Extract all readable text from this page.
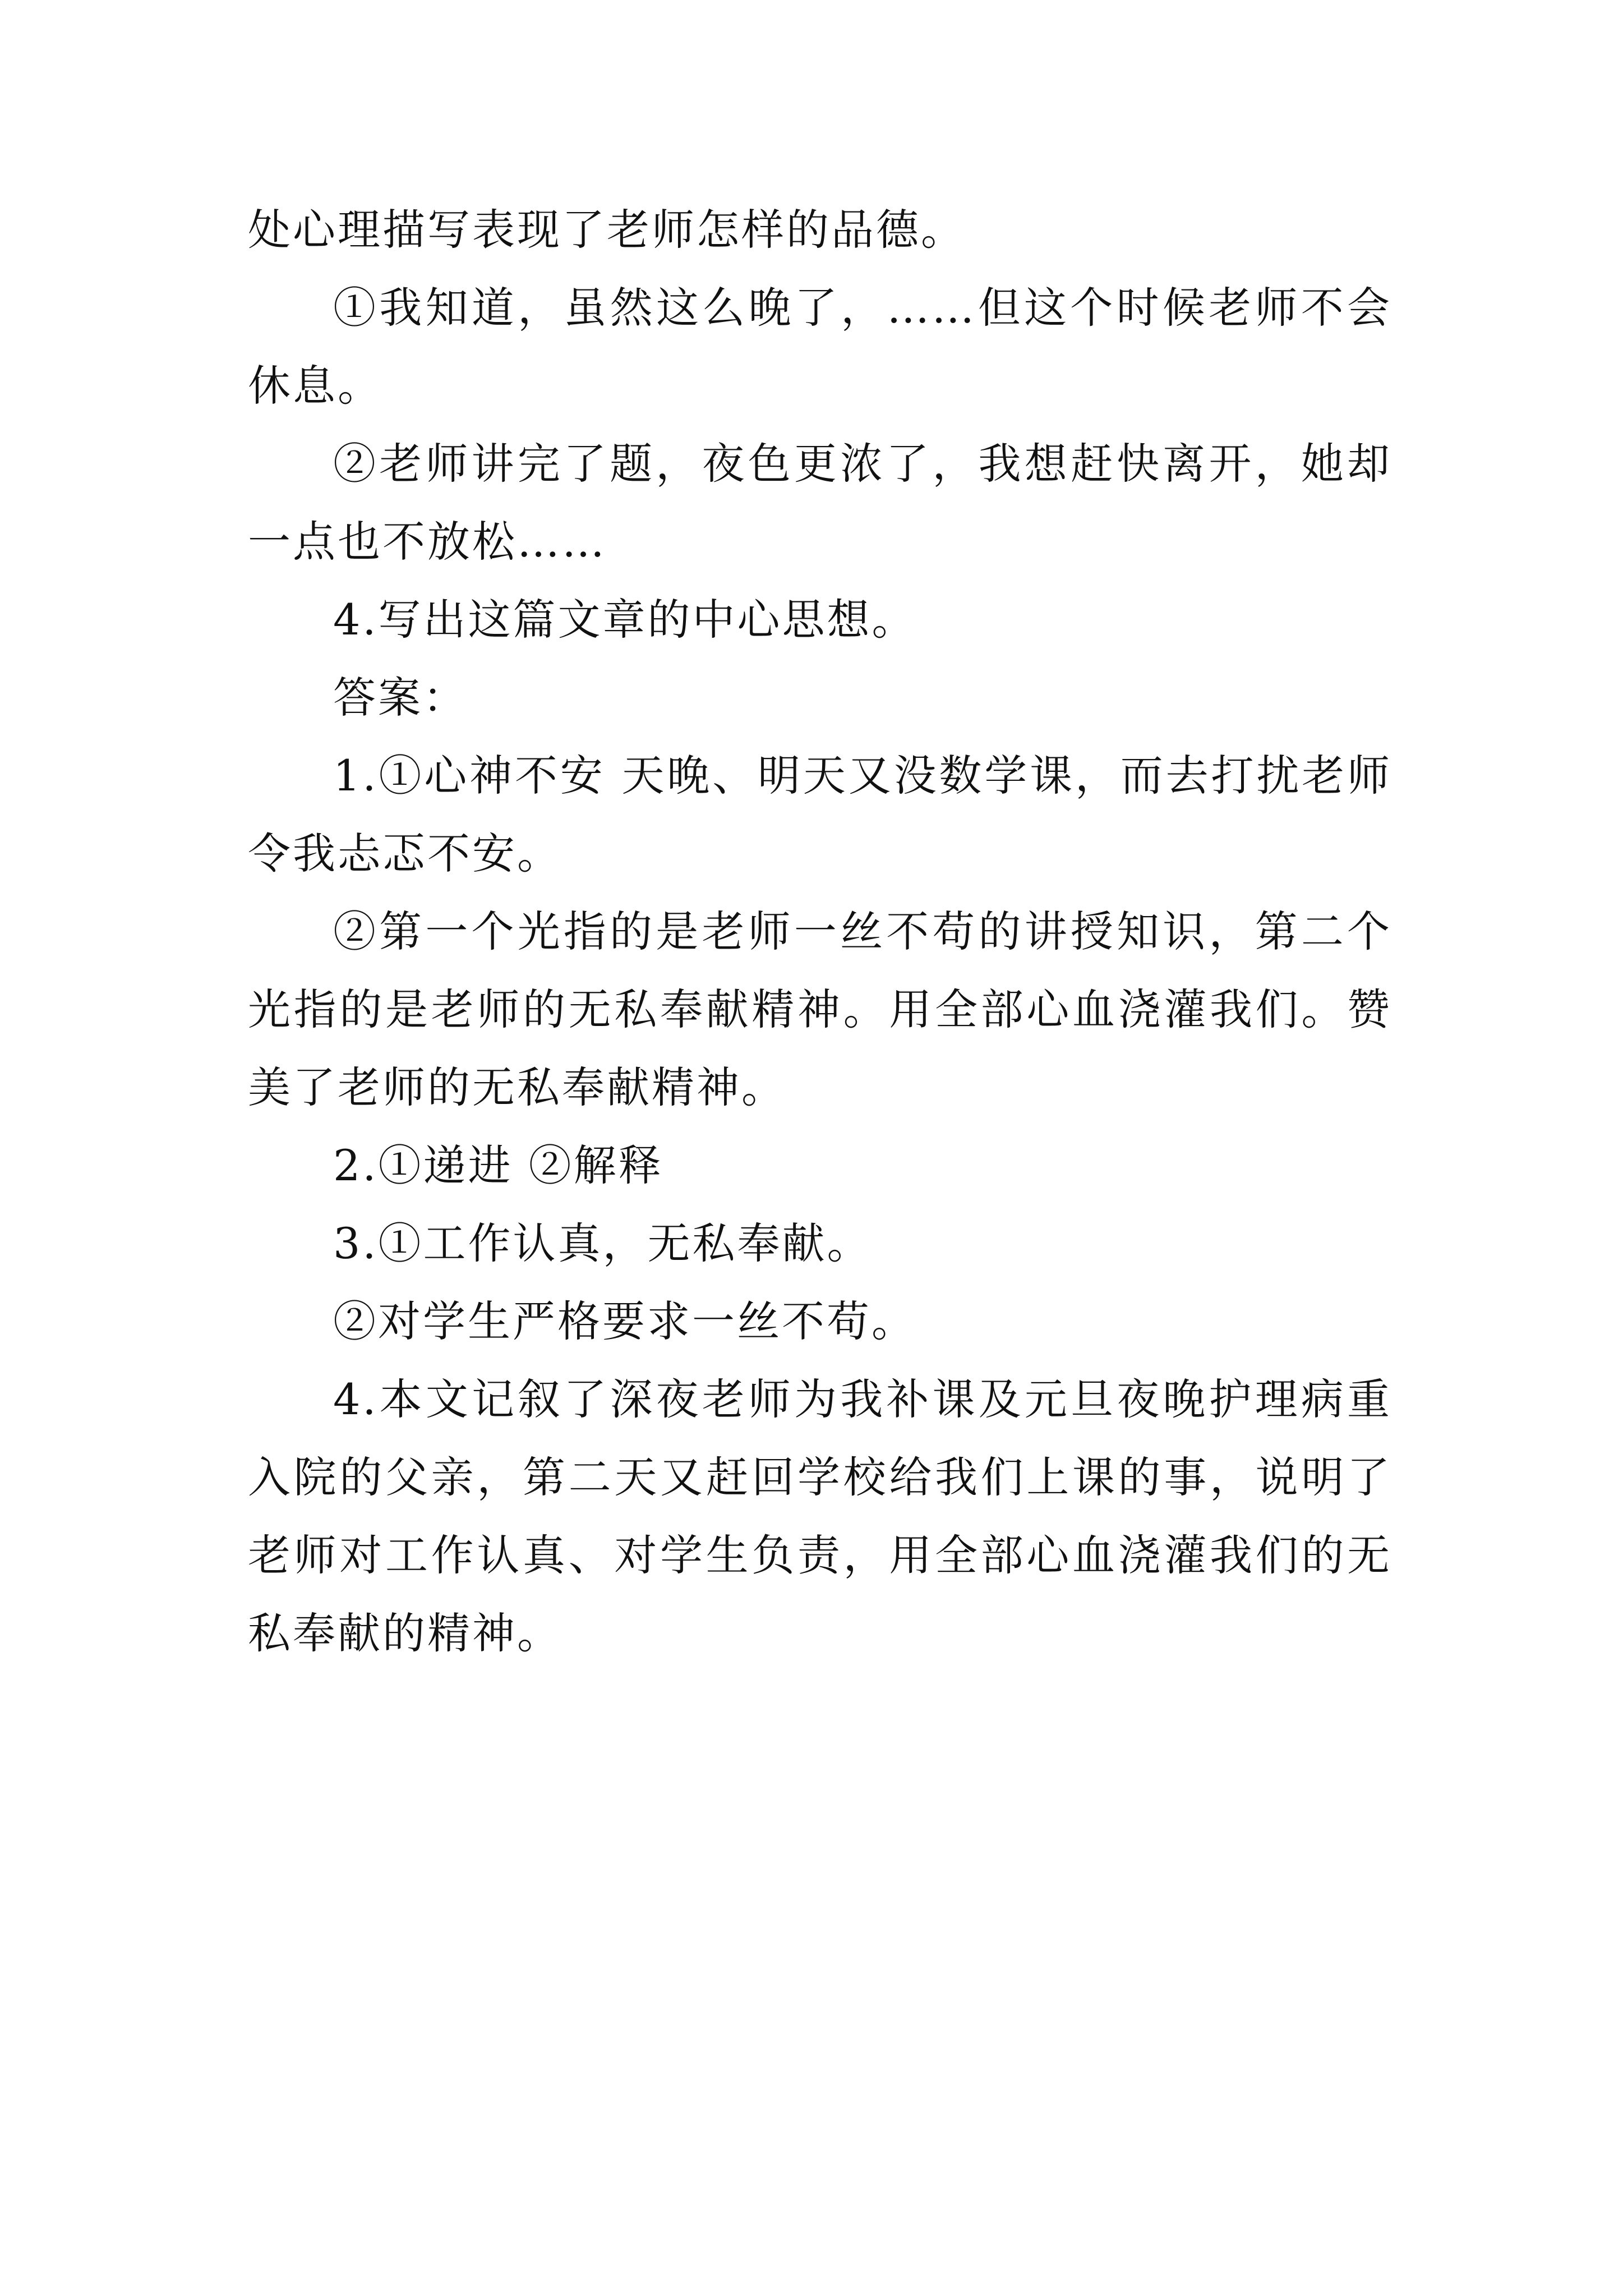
处心理描写表现了老师怎样的品德。

①我知道，虽然这么晚了，……但这个时候老师不会休息。

②老师讲完了题，夜色更浓了，我想赶快离开，她却一点也不放松……

4.写出这篇文章的中心思想。

答案：

1.①心神不安 天晚、明天又没数学课，而去打扰老师令我忐忑不安。

②第一个光指的是老师一丝不苟的讲授知识，第二个光指的是老师的无私奉献精神。用全部心血浇灌我们。赞美了老师的无私奉献精神。

2.①递进 ②解释

3.①工作认真，无私奉献。

②对学生严格要求一丝不苟。

4.本文记叙了深夜老师为我补课及元旦夜晚护理病重入院的父亲，第二天又赶回学校给我们上课的事，说明了老师对工作认真、对学生负责，用全部心血浇灌我们的无私奉献的精神。
